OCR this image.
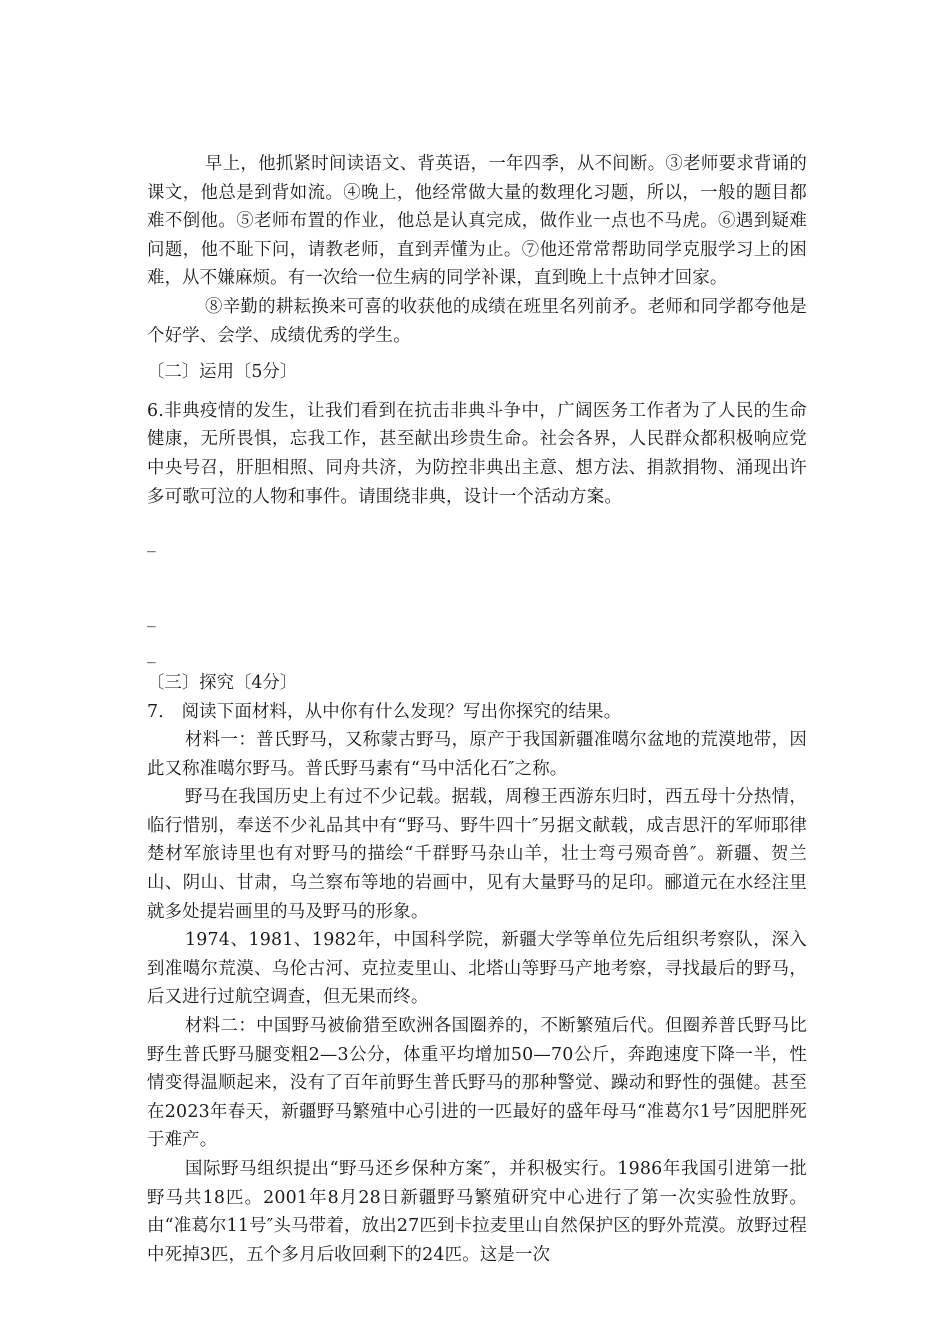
早上，他抓紧时间读语文、背英语，一年四季，从不间断。③老师要求背诵的课文，他总是到背如流。④晚上，他经常做大量的数理化习题，所以，一般的题目都难不倒他。⑤老师布置的作业，他总是认真完成，做作业一点也不马虎。⑥遇到疑难问题，他不耻下问，请教老师，直到弄懂为止。⑦他还常常帮助同学克服学习上的困难，从不嫌麻烦。有一次给一位生病的同学补课，直到晚上十点钟才回家。

⑧辛勤的耕耘换来可喜的收获他的成绩在班里名列前矛。老师和同学都夸他是个好学、会学、成绩优秀的学生。

〔二〕运用〔5分〕

6.非典疫情的发生，让我们看到在抗击非典斗争中，广阔医务工作者为了人民的生命健康，无所畏惧，忘我工作，甚至献出珍贵生命。社会各界，人民群众都积极响应党中央号召，肝胆相照、同舟共济，为防控非典出主意、想方法、捐款捐物、涌现出许多可歌可泣的人物和事件。请围绕非典，设计一个活动方案。

_
_
_

〔三〕探究〔4分〕

7． 阅读下面材料，从中你有什么发现？写出你探究的结果。

材料一：普氏野马，又称蒙古野马，原产于我国新疆准噶尔盆地的荒漠地带，因此又称准噶尔野马。普氏野马素有“马中活化石″之称。

野马在我国历史上有过不少记载。据载，周穆王西游东归时，西五母十分热情，临行惜别，奉送不少礼品其中有“野马、野牛四十″另据文献载，成吉思汗的军师耶律楚材军旅诗里也有对野马的描绘“千群野马杂山羊，壮士弯弓殒奇兽″。新疆、贺兰山、阴山、甘肃，乌兰察布等地的岩画中，见有大量野马的足印。郦道元在水经注里就多处提岩画里的马及野马的形象。

1974、1981、1982年，中国科学院，新疆大学等单位先后组织考察队，深入到准噶尔荒漠、乌伦古河、克拉麦里山、北塔山等野马产地考察，寻找最后的野马，后又进行过航空调查，但无果而终。

材料二：中国野马被偷猎至欧洲各国圈养的，不断繁殖后代。但圈养普氏野马比野生普氏野马腿变粗2—3公分，体重平均增加50—70公斤，奔跑速度下降一半，性情变得温顺起来，没有了百年前野生普氏野马的那种警觉、躁动和野性的强健。甚至在2023年春天，新疆野马繁殖中心引进的一匹最好的盛年母马“准葛尔1号″因肥胖死于难产。

国际野马组织提出“野马还乡保种方案″，并积极实行。1986年我国引进第一批野马共18匹。2001年8月28日新疆野马繁殖研究中心进行了第一次实验性放野。由“准葛尔11号″头马带着，放出27匹到卡拉麦里山自然保护区的野外荒漠。放野过程中死掉3匹，五个多月后收回剩下的24匹。这是一次
